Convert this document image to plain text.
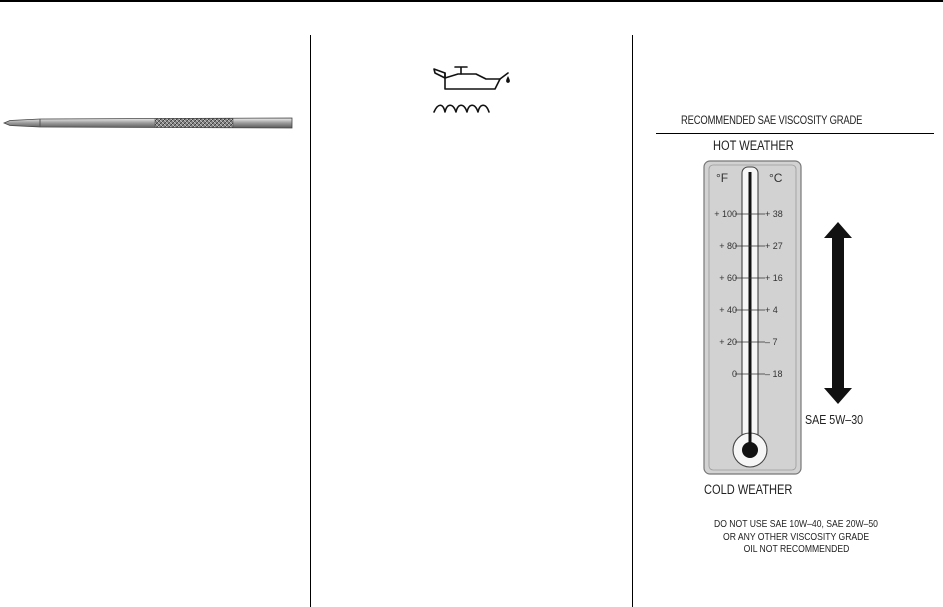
RECOMMENDED SAE VISCOSITY GRADE
HOT WEATHER
°F	°C
+ 100	+ 38
+ 80	+ 27
+ 60	+ 16
+ 40	+ 4
+ 20	– 7
0	– 18
SAE 5W–30
COLD WEATHER
DO NOT USE SAE 10W–40, SAE 20W–50
OR ANY OTHER VISCOSITY GRADE
OIL NOT RECOMMENDED
